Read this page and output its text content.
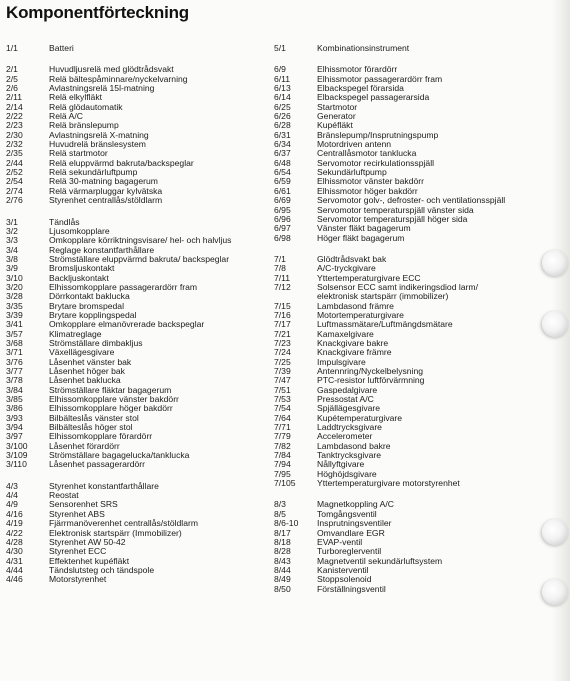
Komponentförteckning
1/1	Batteri
2/1	Huvudljusrelä med glödtrådsvakt
2/5	Relä bältespåminnare/nyckelvarning
2/6	Avlastningsrelä 15l-matning
2/11	Relä elkylfläkt
2/14	Relä glödautomatik
2/22	Relä A/C
2/23	Relä bränslepump
2/30	Avlastningsrelä X-matning
2/32	Huvudrelä bränslesystem
2/35	Relä startmotor
2/44	Relä eluppvärmd bakruta/backspeglar
2/52	Relä sekundärluftpump
2/54	Relä 30-matning bagagerum
2/74	Relä värmarpluggar kylvätska
2/76	Styrenhet centrallås/stöldlarm
3/1	Tändlås
3/2	Ljusomkopplare
3/3	Omkopplare körriktningsvisare/ hel- och halvljus
3/4	Reglage konstantfarthållare
3/8	Strömställare eluppvärmd bakruta/ backspeglar
3/9	Bromsljuskontakt
3/10	Backljuskontakt
3/20	Elhissomkopplare passagerardörr fram
3/28	Dörrkontakt baklucka
3/35	Brytare bromspedal
3/39	Brytare kopplingspedal
3/41	Omkopplare elmanövrerade backspeglar
3/57	Klimatreglage
3/68	Strömställare dimbakljus
3/71	Växellägesgivare
3/76	Låsenhet vänster bak
3/77	Låsenhet höger bak
3/78	Låsenhet baklucka
3/84	Strömställare fläktar bagagerum
3/85	Elhissomkopplare vänster bakdörr
3/86	Elhissomkopplare höger bakdörr
3/93	Bilbälteslås vänster stol
3/94	Bilbälteslås höger stol
3/97	Elhissomkopplare förardörr
3/100	Låsenhet förardörr
3/109	Strömställare bagagelucka/tanklucka
3/110	Låsenhet passagerardörr
4/3	Styrenhet konstantfarthållare
4/4	Reostat
4/9	Sensorenhet SRS
4/16	Styrenhet ABS
4/19	Fjärrmanöverenhet centrallås/stöldlarm
4/22	Elektronisk startspärr (Immobilizer)
4/28	Styrenhet AW 50-42
4/30	Styrenhet ECC
4/31	Effektenhet kupéfläkt
4/44	Tändslutsteg och tändspole
4/46	Motorstyrenhet
5/1	Kombinationsinstrument
6/9	Elhissmotor förardörr
6/11	Elhissmotor passagerardörr fram
6/13	Elbackspegel förarsida
6/14	Elbackspegel passagerarsida
6/25	Startmotor
6/26	Generator
6/28	Kupéfläkt
6/31	Bränslepump/Insprutningspump
6/34	Motordriven antenn
6/37	Centrallåsmotor tanklucka
6/48	Servomotor recirkulationsspjäll
6/54	Sekundärluftpump
6/59	Elhissmotor vänster bakdörr
6/61	Elhissmotor höger bakdörr
6/69	Servomotor golv-, defroster- och ventilationsspjäll
6/95	Servomotor temperaturspjäll vänster sida
6/96	Servomotor temperaturspjäll höger sida
6/97	Vänster fläkt bagagerum
6/98	Höger fläkt bagagerum
7/1	Glödtrådsvakt bak
7/8	A/C-tryckgivare
7/11	Yttertemperaturgivare ECC
7/12	Solsensor ECC samt indikeringsdiod larm/ elektronisk startspärr (immobilizer)
7/15	Lambdasond främre
7/16	Motortemperaturgivare
7/17	Luftmassmätare/Luftmängdsmätare
7/21	Kamaxelgivare
7/23	Knackgivare bakre
7/24	Knackgivare främre
7/25	Impulsgivare
7/39	Antennring/Nyckelbelysning
7/47	PTC-resistor luftförvärmning
7/51	Gaspedalgivare
7/53	Pressostat A/C
7/54	Spjällägesgivare
7/64	Kupétemperaturgivare
7/71	Laddtrycksgivare
7/79	Accelerometer
7/82	Lambdasond bakre
7/84	Tanktrycksgivare
7/94	Nållyftgivare
7/95	Höghöjdsgivare
7/105	Yttertemperaturgivare motorstyrenhet
8/3	Magnetkoppling A/C
8/5	Tomgångsventil
8/6-10	Insprutningsventiler
8/17	Omvandlare EGR
8/18	EVAP-ventil
8/28	Turboreglerventil
8/43	Magnetventil sekundärluftsystem
8/44	Kanisterventil
8/49	Stoppsolenoid
8/50	Förställningsventil
